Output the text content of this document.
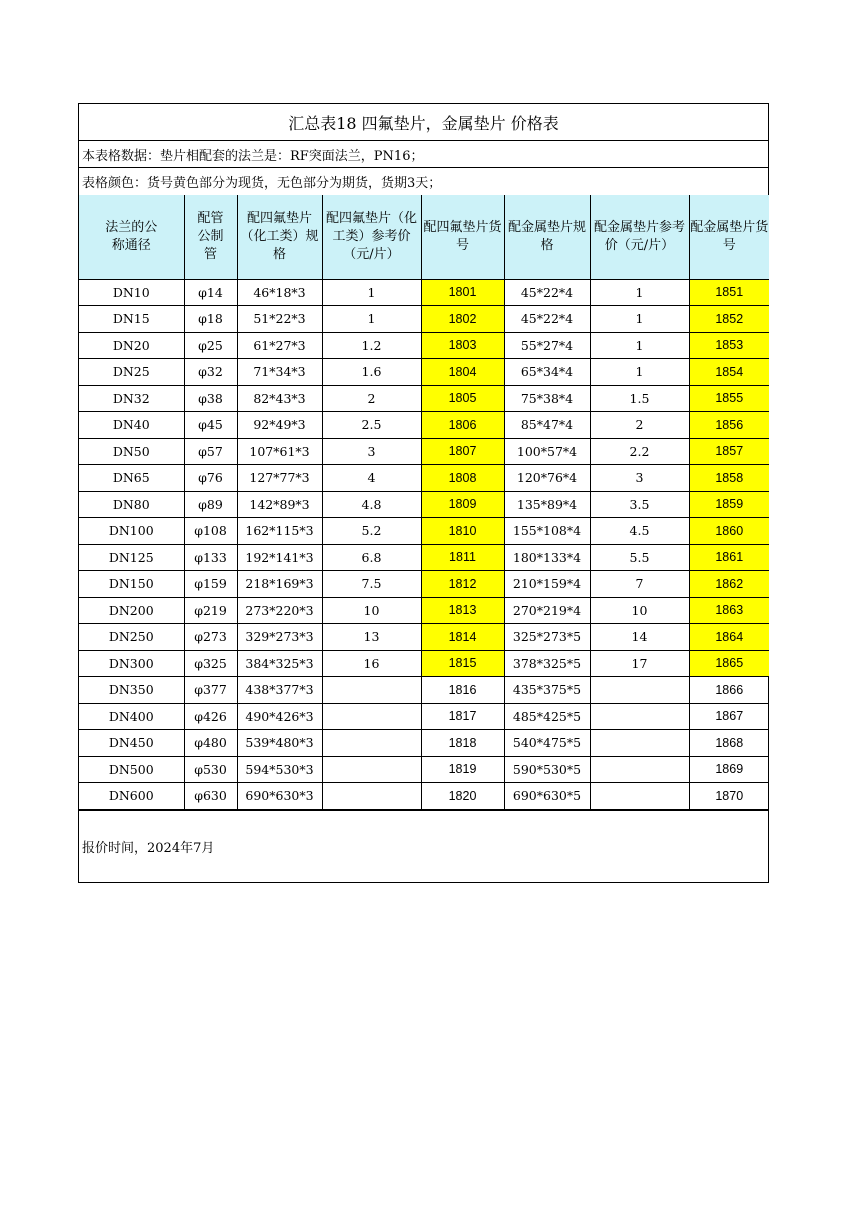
汇总表18 四氟垫片，金属垫片 价格表
本表格数据：垫片相配套的法兰是：RF突面法兰，PN16；
表格颜色：货号黄色部分为现货，无色部分为期货，货期3天；
法兰的公称通径	配管公制管	配四氟垫片（化工类）规格	配四氟垫片（化工类）参考价（元/片）	配四氟垫片货号	配金属垫片规格	配金属垫片参考价（元/片）	配金属垫片货号
DN10	φ14	46*18*3	1	1801	45*22*4	1	1851
DN15	φ18	51*22*3	1	1802	45*22*4	1	1852
DN20	φ25	61*27*3	1.2	1803	55*27*4	1	1853
DN25	φ32	71*34*3	1.6	1804	65*34*4	1	1854
DN32	φ38	82*43*3	2	1805	75*38*4	1.5	1855
DN40	φ45	92*49*3	2.5	1806	85*47*4	2	1856
DN50	φ57	107*61*3	3	1807	100*57*4	2.2	1857
DN65	φ76	127*77*3	4	1808	120*76*4	3	1858
DN80	φ89	142*89*3	4.8	1809	135*89*4	3.5	1859
DN100	φ108	162*115*3	5.2	1810	155*108*4	4.5	1860
DN125	φ133	192*141*3	6.8	1811	180*133*4	5.5	1861
DN150	φ159	218*169*3	7.5	1812	210*159*4	7	1862
DN200	φ219	273*220*3	10	1813	270*219*4	10	1863
DN250	φ273	329*273*3	13	1814	325*273*5	14	1864
DN300	φ325	384*325*3	16	1815	378*325*5	17	1865
DN350	φ377	438*377*3		1816	435*375*5		1866
DN400	φ426	490*426*3		1817	485*425*5		1867
DN450	φ480	539*480*3		1818	540*475*5		1868
DN500	φ530	594*530*3		1819	590*530*5		1869
DN600	φ630	690*630*3		1820	690*630*5		1870
报价时间，2024年7月
